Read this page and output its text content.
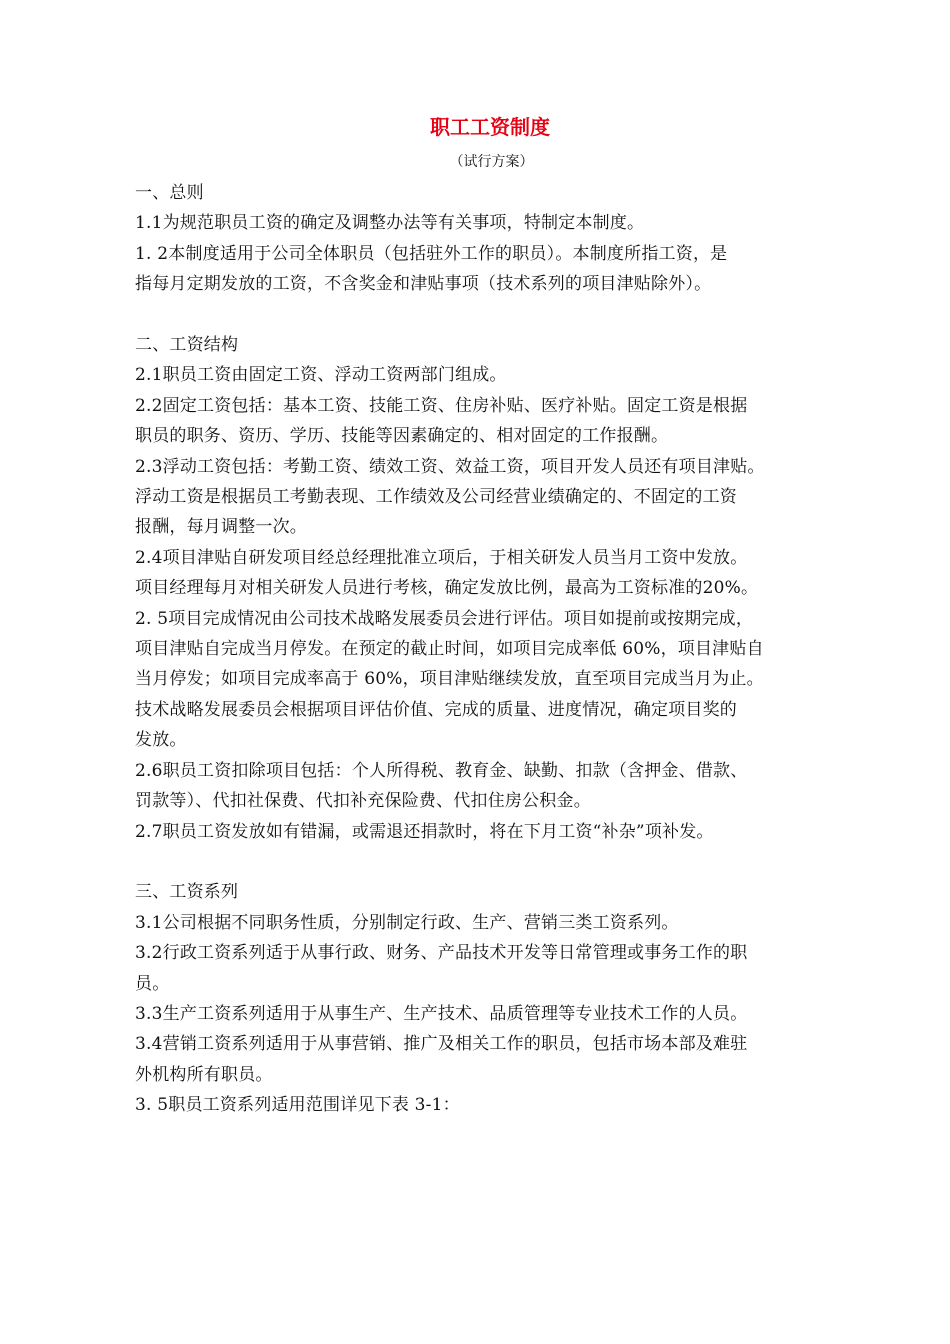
职工工资制度

（试行方案）

一、总则

1.1为规范职员工资的确定及调整办法等有关事项，特制定本制度。

1. 2本制度适用于公司全体职员（包括驻外工作的职员）。本制度所指工资，是

指每月定期发放的工资，不含奖金和津贴事项（技术系列的项目津贴除外）。

二、工资结构

2.1职员工资由固定工资、浮动工资两部门组成。

2.2固定工资包括：基本工资、技能工资、住房补贴、医疗补贴。固定工资是根据

职员的职务、资历、学历、技能等因素确定的、相对固定的工作报酬。

2.3浮动工资包括：考勤工资、绩效工资、效益工资，项目开发人员还有项目津贴。

浮动工资是根据员工考勤表现、工作绩效及公司经营业绩确定的、不固定的工资

报酬，每月调整一次。

2.4项目津贴自研发项目经总经理批准立项后，于相关研发人员当月工资中发放。

项目经理每月对相关研发人员进行考核，确定发放比例，最高为工资标准的20%。

2. 5项目完成情况由公司技术战略发展委员会进行评估。项目如提前或按期完成，

项目津贴自完成当月停发。在预定的截止时间，如项目完成率低 60%，项目津贴自

当月停发；如项目完成率高于 60%，项目津贴继续发放，直至项目完成当月为止。

技术战略发展委员会根据项目评估价值、完成的质量、进度情况，确定项目奖的

发放。

2.6职员工资扣除项目包括：个人所得税、教育金、缺勤、扣款（含押金、借款、

罚款等）、代扣社保费、代扣补充保险费、代扣住房公积金。

2.7职员工资发放如有错漏，或需退还捐款时，将在下月工资“补杂”项补发。

三、工资系列

3.1公司根据不同职务性质，分别制定行政、生产、营销三类工资系列。

3.2行政工资系列适于从事行政、财务、产品技术开发等日常管理或事务工作的职

员。

3.3生产工资系列适用于从事生产、生产技术、品质管理等专业技术工作的人员。

3.4营销工资系列适用于从事营销、推广及相关工作的职员，包括市场本部及难驻

外机构所有职员。

3. 5职员工资系列适用范围详见下表 3-1：
